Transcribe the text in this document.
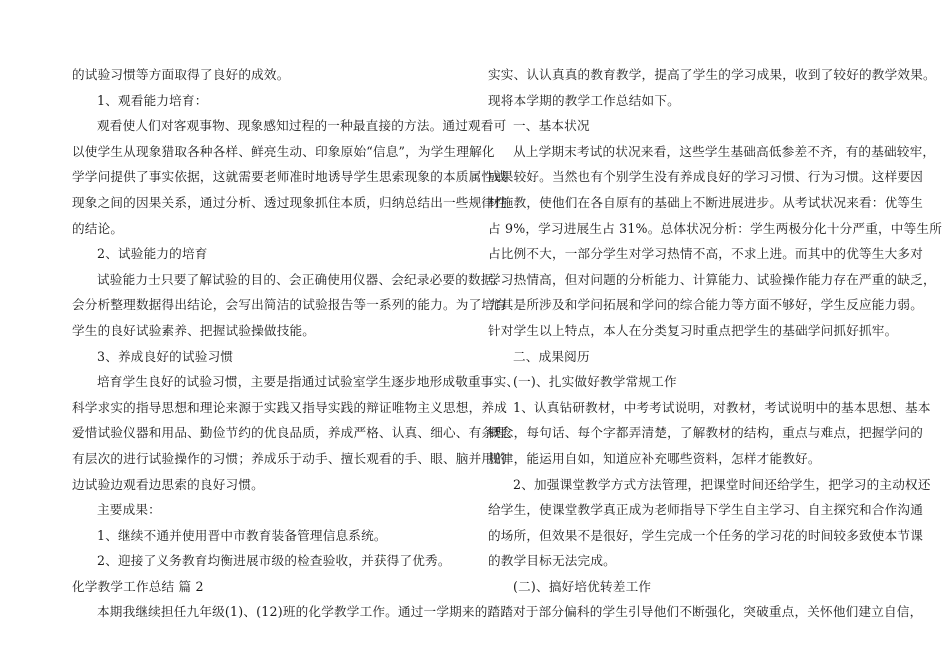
的试验习惯等方面取得了良好的成效。
1、观看能力培育：
观看使人们对客观事物、现象感知过程的一种最直接的方法。通过观看可
以使学生从现象猎取各种各样、鲜亮生动、印象原始“信息”，为学生理解化
学学问提供了事实依据，这就需要老师准时地诱导学生思索现象的本质属性或
现象之间的因果关系，通过分析、透过现象抓住本质，归纳总结出一些规律性
的结论。
2、试验能力的培育
试验能力士只要了解试验的目的、会正确使用仪器、会纪录必要的数据、
会分析整理数据得出结论，会写出简洁的试验报告等一系列的能力。为了培育
学生的良好试验素养、把握试验操做技能。
3、养成良好的试验习惯
培育学生良好的试验习惯，主要是指通过试验室学生逐步地形成敬重事实、
科学求实的指导思想和理论来源于实践又指导实践的辩证唯物主义思想，养成
爱惜试验仪器和用品、勤俭节约的优良品质，养成严格、认真、细心、有条理、
有层次的进行试验操作的习惯；养成乐于动手、擅长观看的手、眼、脑并用的
边试验边观看边思索的良好习惯。
主要成果：
1、继续不通并使用晋中市教育装备管理信息系统。
2、迎接了义务教育均衡进展市级的检查验收，并获得了优秀。
化学教学工作总结 篇 2
本期我继续担任九年级(1)、(12)班的化学教学工作。通过一学期来的踏踏
实实、认认真真的教育教学，提高了学生的学习成果，收到了较好的教学效果。
现将本学期的教学工作总结如下。
一、基本状况
从上学期末考试的状况来看，这些学生基础高低参差不齐，有的基础较牢，
成果较好。当然也有个别学生没有养成良好的学习习惯、行为习惯。这样要因
材施教，使他们在各自原有的基础上不断进展进步。从考试状况来看：优等生
占 9%，学习进展生占 31%。总体状况分析：学生两极分化十分严重，中等生所
占比例不大，一部分学生对学习热情不高，不求上进。而其中的优等生大多对
学习热情高，但对问题的分析能力、计算能力、试验操作能力存在严重的缺乏，
尤其是所涉及和学问拓展和学问的综合能力等方面不够好，学生反应能力弱。
针对学生以上特点，本人在分类复习时重点把学生的基础学问抓好抓牢。
二、成果阅历
(一)、扎实做好教学常规工作
1、认真钻研教材，中考考试说明，对教材，考试说明中的基本思想、基本
概念，每句话、每个字都弄清楚，了解教材的结构，重点与难点，把握学问的
规律，能运用自如，知道应补充哪些资料，怎样才能教好。
2、加强课堂教学方式方法管理，把课堂时间还给学生，把学习的主动权还
给学生，使课堂教学真正成为老师指导下学生自主学习、自主探究和合作沟通
的场所，但效果不是很好，学生完成一个任务的学习花的时间较多致使本节课
的教学目标无法完成。
(二)、搞好培优转差工作
对于部分偏科的学生引导他们不断强化，突破重点，关怀他们建立自信，
